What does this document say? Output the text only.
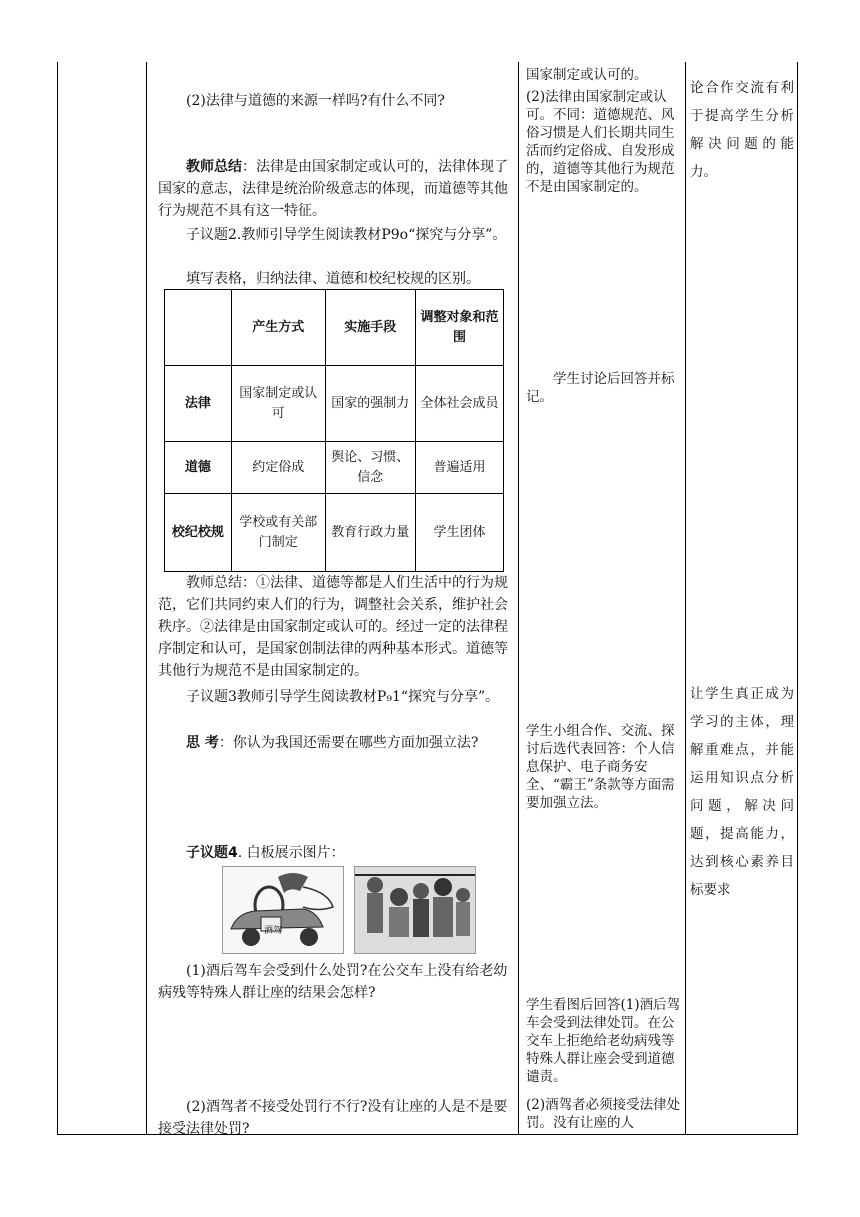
(2)法律与道德的来源一样吗?有什么不同?
教师总结：法律是由国家制定或认可的，法律体现了国家的意志，法律是统治阶级意志的体现，而道德等其他行为规范不具有这一特征。
子议题2.教师引导学生阅读教材P9o“探究与分享”。
填写表格，归纳法律、道德和校纪校规的区别。
	产生方式	实施手段	调整对象和范围
法律	国家制定或认可	国家的强制力	全体社会成员
道德	约定俗成	舆论、习惯、信念	普遍适用
校纪校规	学校或有关部门制定	教育行政力量	学生团体
教师总结：①法律、道德等都是人们生活中的行为规范，它们共同约束人们的行为，调整社会关系，维护社会秩序。②法律是由国家制定或认可的。经过一定的法律程序制定和认可，是国家创制法律的两种基本形式。道德等其他行为规范不是由国家制定的。
子议题3教师引导学生阅读教材P₉1“探究与分享”。
思 考：你认为我国还需要在哪些方面加强立法?
子议题4. 白板展示图片：
酒驾
(1)酒后驾车会受到什么处罚?在公交车上没有给老幼病残等特殊人群让座的结果会怎样?
(2)酒驾者不接受处罚行不行?没有让座的人是不是要接受法律处罚?
国家制定或认可的。
(2)法律由国家制定或认可。不同：道德规范、风俗习惯是人们长期共同生活而约定俗成、自发形成的，道德等其他行为规范不是由国家制定的。
学生讨论后回答并标记。
学生小组合作、交流、探讨后选代表回答：个人信息保护、电子商务安全、“霸王”条款等方面需要加强立法。
学生看图后回答(1)酒后驾车会受到法律处罚。在公交车上拒绝给老幼病残等特殊人群让座会受到道德谴责。
(2)酒驾者必须接受法律处罚。没有让座的人
论合作交流有利于提高学生分析解决问题的能力。
让学生真正成为学习的主体，理解重难点，并能运用知识点分析问题，解决问题，提高能力，达到核心素养目标要求
